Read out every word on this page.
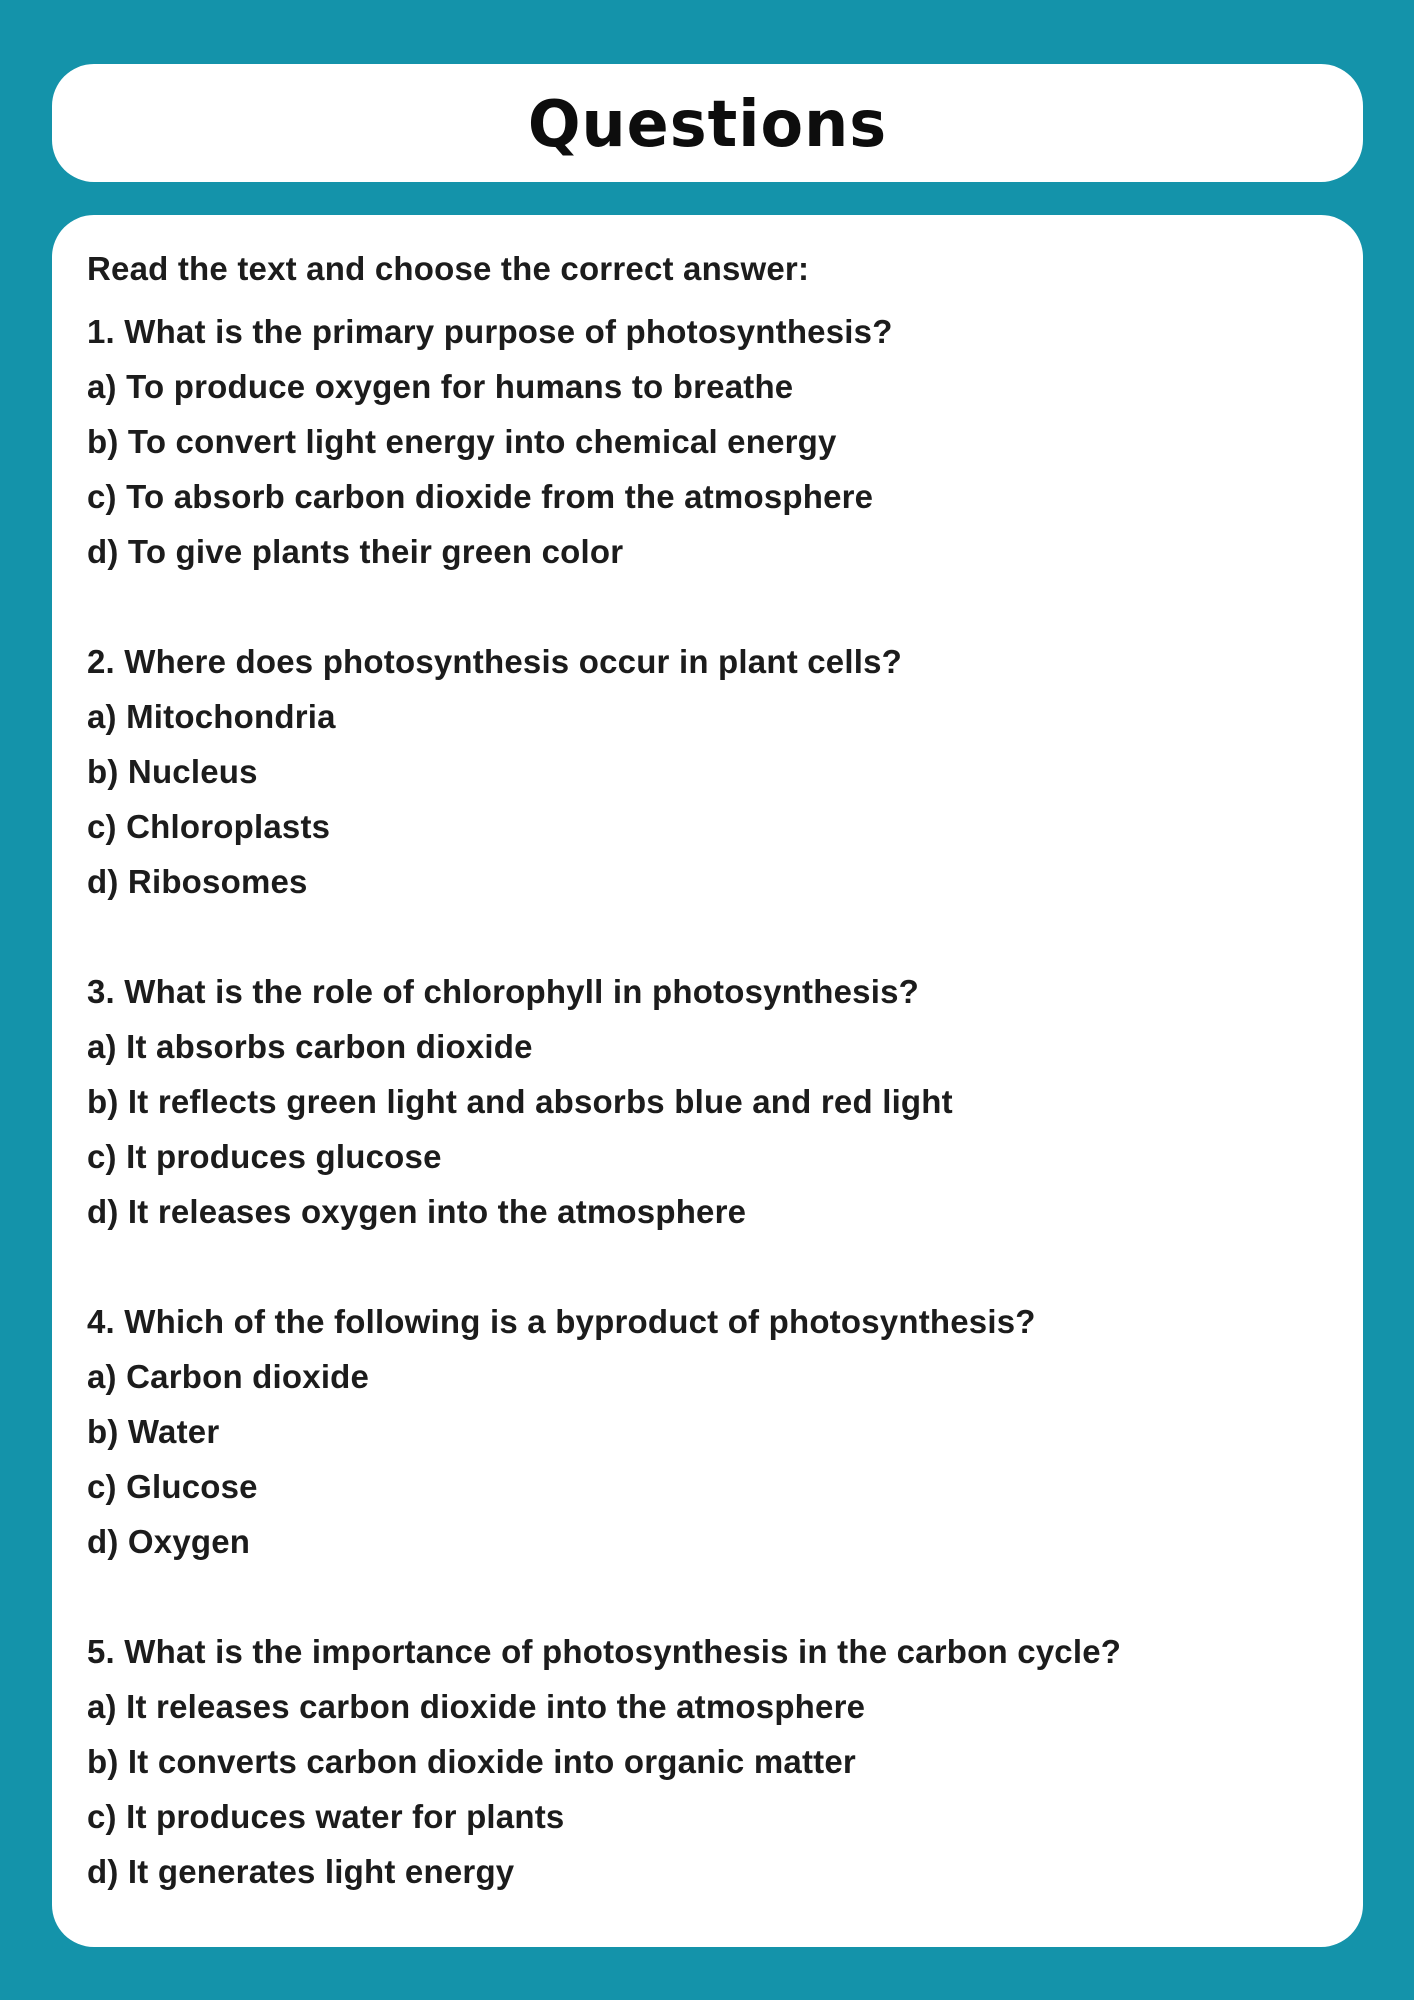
Questions
Read the text and choose the correct answer:
1. What is the primary purpose of photosynthesis?
a) To produce oxygen for humans to breathe
b) To convert light energy into chemical energy
c) To absorb carbon dioxide from the atmosphere
d) To give plants their green color
2. Where does photosynthesis occur in plant cells?
a) Mitochondria
b) Nucleus
c) Chloroplasts
d) Ribosomes
3. What is the role of chlorophyll in photosynthesis?
a) It absorbs carbon dioxide
b) It reflects green light and absorbs blue and red light
c) It produces glucose
d) It releases oxygen into the atmosphere
4. Which of the following is a byproduct of photosynthesis?
a) Carbon dioxide
b) Water
c) Glucose
d) Oxygen
5. What is the importance of photosynthesis in the carbon cycle?
a) It releases carbon dioxide into the atmosphere
b) It converts carbon dioxide into organic matter
c) It produces water for plants
d) It generates light energy
